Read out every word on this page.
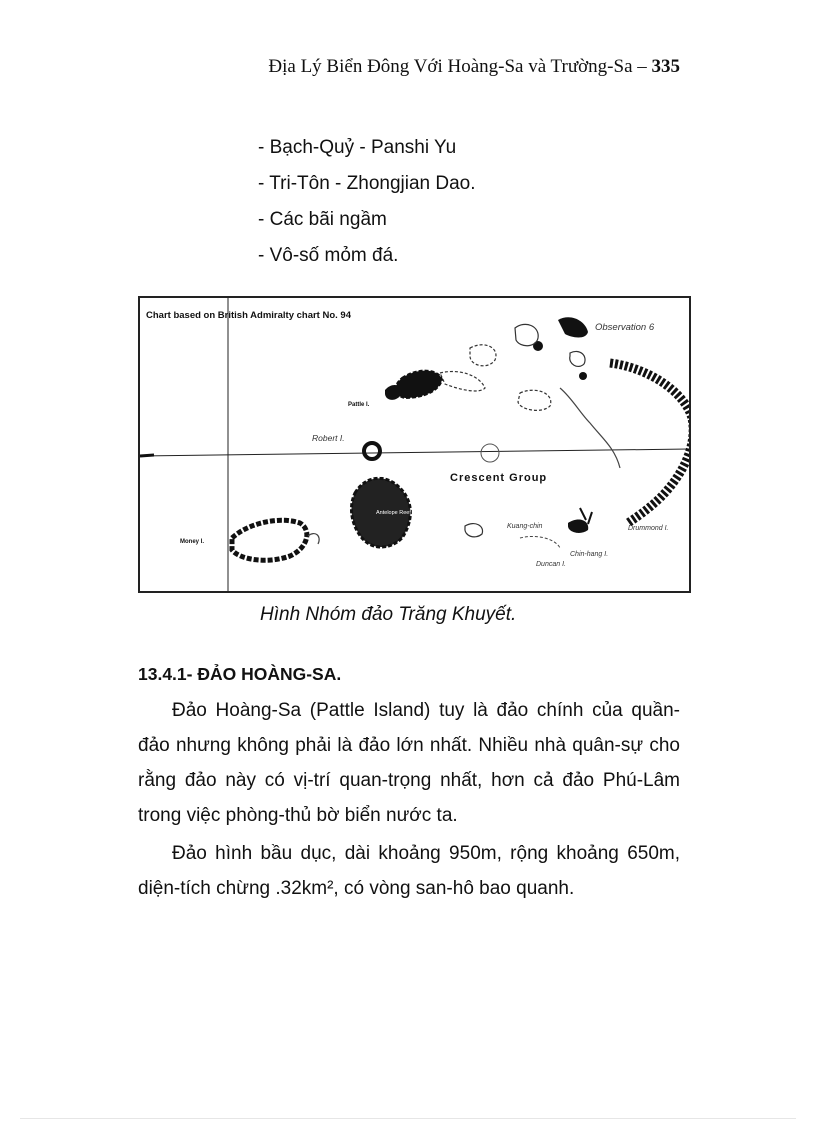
Địa Lý Biển Đông Với Hoàng-Sa và Trường-Sa – 335
- Bạch-Quỷ - Panshi Yu
- Tri-Tôn - Zhongjian Dao.
- Các bãi ngầm
- Vô-số mỏm đá.
Chart based on British Admiralty chart No. 94
Observation 6
Pattle I.
Robert I.
Crescent Group
Antelope Reef
Money I.
Kuang-chin	Drummond I.
Chin-hang I.
Duncan I.
Hình Nhóm đảo Trăng Khuyết.
13.4.1- ĐẢO HOÀNG-SA.

Đảo Hoàng-Sa (Pattle Island) tuy là đảo chính của quần-đảo nhưng không phải là đảo lớn nhất. Nhiều nhà quân-sự cho rằng đảo này có vị-trí quan-trọng nhất, hơn cả đảo Phú-Lâm trong việc phòng-thủ bờ biển nước ta.

Đảo hình bầu dục, dài khoảng 950m, rộng khoảng 650m, diện-tích chừng .32km², có vòng san-hô bao quanh.
